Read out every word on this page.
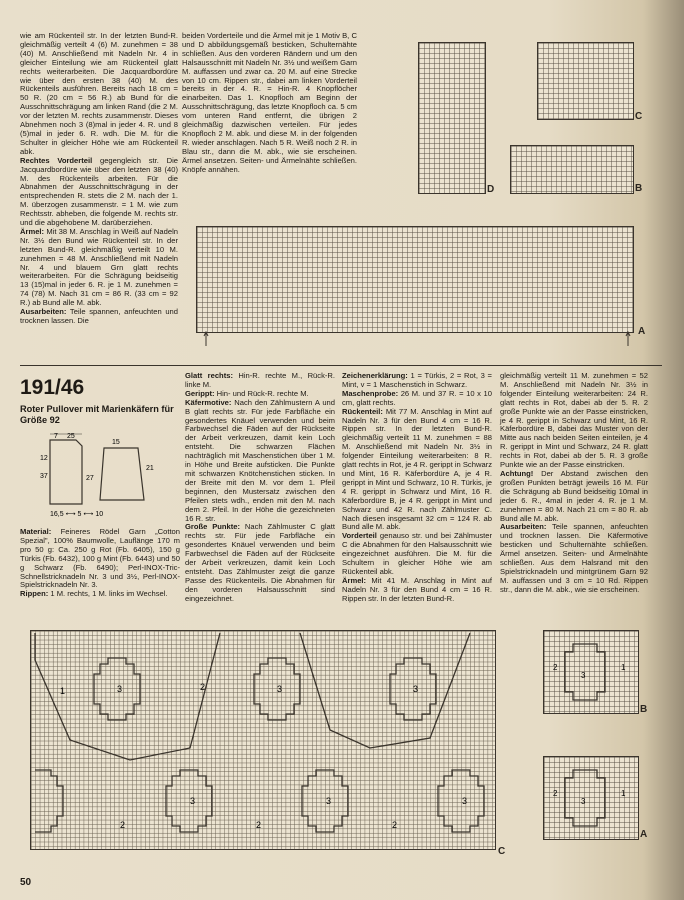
wie am Rückenteil str. In der letzten Bund-R. gleichmäßig verteilt 4 (6) M. zunehmen = 38 (40) M. Anschließend mit Nadeln Nr. 4 in gleicher Einteilung wie am Rückenteil glatt rechts weiterarbeiten. Die Jacquardbordüre wie über den ersten 38 (40) M. des Rückenteils ausführen. Bereits nach 18 cm = 50 R. (20 cm = 56 R.) ab Bund für die Ausschnittschrägung am linken Rand (die 2 M. vor der letzten M. rechts zusammenstr. Dieses Abnehmen noch 3 (8)mal in jeder 4. R. und 8 (5)mal in jeder 6. R. wdh. Die M. für die Schulter in gleicher Höhe wie am Rückenteil abk.

Rechtes Vorderteil gegengleich str. Die Jacquardbordüre wie über den letzten 38 (40) M. des Rückenteils arbeiten. Für die Abnahmen der Ausschnittschrägung in der entsprechenden R. stets die 2 M. nach der 1. M. überzogen zusammenstr. = 1 M. wie zum Rechtsstr. abheben, die folgende M. rechts str. und die abgehobene M. darüberziehen.

Ärmel: Mit 38 M. Anschlag in Weiß auf Nadeln Nr. 3½ den Bund wie Rückenteil str. In der letzten Bund-R. gleichmäßig verteilt 10 M. zunehmen = 48 M. Anschließend mit Nadeln Nr. 4 und blauem Grn glatt rechts weiterarbeiten. Für die Schrägung beidseitig 13 (15)mal in jeder 6. R. je 1 M. zunehmen = 74 (78) M. Nach 31 cm = 86 R. (33 cm = 92 R.) ab Bund alle M. abk.

Ausarbeiten: Teile spannen, anfeuchten und trocknen lassen. Die

beiden Vorderteile und die Ärmel mit je 1 Motiv B, C und D abbildungsgemäß besticken, Schulternähte schließen. Aus den vorderen Rändern und um den Halsausschnitt mit Nadeln Nr. 3½ und weißem Garn M. auffassen und zwar ca. 20 M. auf eine Strecke von 10 cm. Rippen str., dabei am linken Vorderteil bereits in der 4. R. = Hin-R. 4 Knopflöcher einarbeiten. Das 1. Knopfloch am Beginn der Ausschnittschrägung, das letzte Knopfloch ca. 5 cm vom unteren Rand entfernt, die übrigen 2 gleichmäßig dazwischen verteilen. Für jedes Knopfloch 2 M. abk. und diese M. in der folgenden R. wieder anschlagen. Nach 5 R. Weiß noch 2 R. in Blau str., dann die M. abk., wie sie erscheinen. Ärmel ansetzen. Seiten- und Ärmelnähte schließen. Knöpfe annähen.

D
C
B
A
191/46
Roter Pullover mit Marienkäfern für Größe 92
7 25
12
37	27
15
21
16,5 ⟷ 5 ⟷ 10

Material: Feineres Rödel Garn „Cotton Spezial", 100% Baumwolle, Lauflänge 170 m pro 50 g: Ca. 250 g Rot (Fb. 6405), 150 g Türkis (Fb. 6432), 100 g Mint (Fb. 6443) und 50 g Schwarz (Fb. 6490); Perl-INOX-Tric-Schnellstricknadeln Nr. 3 und 3½, Perl-INOX-Spielstricknadeln Nr. 3.

Rippen: 1 M. rechts, 1 M. links im Wechsel.

Glatt rechts: Hin-R. rechte M., Rück-R. linke M.

Gerippt: Hin- und Rück-R. rechte M.

Käfermotive: Nach den Zählmustern A und B glatt rechts str. Für jede Farbfläche ein gesondertes Knäuel verwenden und beim Farbwechsel die Fäden auf der Rückseite der Arbeit verkreuzen, damit kein Loch entsteht. Die schwarzen Flächen nachträglich mit Maschenstichen über 1 M. in Höhe und Breite aufsticken. Die Punkte mit schwarzen Knötchenstichen sticken. In der Breite mit den M. vor dem 1. Pfeil beginnen, den Mustersatz zwischen den Pfeilen stets wdh., enden mit den M. nach dem 2. Pfeil. In der Höhe die gezeichneten 16 R. str.

Große Punkte: Nach Zählmuster C glatt rechts str. Für jede Farbfläche ein gesondertes Knäuel verwenden und beim Farbwechsel die Fäden auf der Rückseite der Arbeit verkreuzen, damit kein Loch entsteht. Das Zählmuster zeigt die ganze Passe des Rückenteils. Die Abnahmen für den vorderen Halsausschnitt sind eingezeichnet.

Zeichenerklärung: 1 = Türkis, 2 = Rot, 3 = Mint, v = 1 Maschenstich in Schwarz.

Maschenprobe: 26 M. und 37 R. = 10 x 10 cm, glatt rechts.

Rückenteil: Mit 77 M. Anschlag in Mint auf Nadeln Nr. 3 für den Bund 4 cm = 16 R. Rippen str. In der letzten Bund-R. gleichmäßig verteilt 11 M. zunehmen = 88 M. Anschließend mit Nadeln Nr. 3½ in folgender Einteilung weiterarbeiten: 8 R. glatt rechts in Rot, je 4 R. gerippt in Schwarz und Mint, 16 R. Käferbordüre A, je 4 R. gerippt in Mint und Schwarz, 10 R. Türkis, je 4 R. gerippt in Schwarz und Mint, 16 R. Käferbordüre B, je 4 R. gerippt in Mint und Schwarz und 42 R. nach Zählmuster C. Nach diesen insgesamt 32 cm = 124 R. ab Bund alle M. abk.

Vorderteil genauso str. und bei Zählmuster C die Abnahmen für den Halsausschnitt wie eingezeichnet ausführen. Die M. für die Schultern in gleicher Höhe wie am Rückenteil abk.

Ärmel: Mit 41 M. Anschlag in Mint auf Nadeln Nr. 3 für den Bund 4 cm = 16 R. Rippen str. In der letzten Bund-R.

gleichmäßig verteilt 11 M. zunehmen = 52 M. Anschließend mit Nadeln Nr. 3½ in folgender Einteilung weiterarbeiten: 24 R. glatt rechts in Rot, dabei ab der 5. R. 2 große Punkte wie an der Passe einstricken, je 4 R. gerippt in Schwarz und Mint, 16 R. Käferbordüre B, dabei das Muster von der Mitte aus nach beiden Seiten einteilen, je 4 R. gerippt in Mint und Schwarz, 24 R. glatt rechts in Rot, dabei ab der 5. R. 3 große Punkte wie an der Passe einstricken.

Achtung! Der Abstand zwischen den großen Punkten beträgt jeweils 16 M. Für die Schrägung ab Bund beidseitig 10mal in jeder 6. R., 4mal in jeder 4. R. je 1 M. zunehmen = 80 M. Nach 21 cm = 80 R. ab Bund alle M. abk.

Ausarbeiten: Teile spannen, anfeuchten und trocknen lassen. Die Käfermotive besticken und Schulternähte schließen. Ärmel ansetzen. Seiten- und Ärmelnähte schließen. Aus dem Halsrand mit den Spielstricknadeln und mintgrünem Garn 92 M. auffassen und 3 cm = 10 Rd. Rippen str., dann die M. abk., wie sie erscheinen.

1	3	2	3	3
3	3	3
2	2	2
C
2
3
1
B
2
3
1
A
50
